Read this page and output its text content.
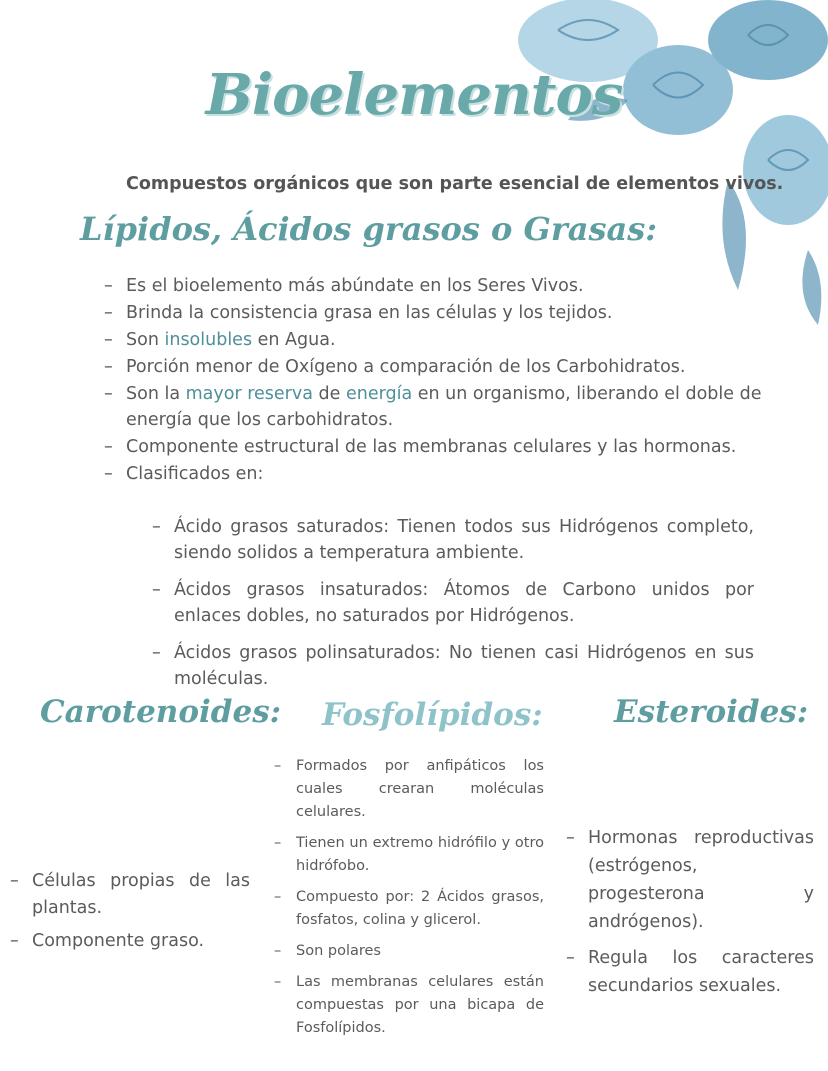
Bioelementos
Compuestos orgánicos que son parte esencial de elementos vivos.
Lípidos, Ácidos grasos o Grasas:
– Es el bioelemento más abúndate en los Seres Vivos.
– Brinda la consistencia grasa en las células y los tejidos.
– Son insolubles en Agua.
– Porción menor de Oxígeno a comparación de los Carbohidratos.
– Son la mayor reserva de energía en un organismo, liberando el doble de energía que los carbohidratos.
– Componente estructural de las membranas celulares y las hormonas.
– Clasificados en:
– Ácido grasos saturados: Tienen todos sus Hidrógenos completo, siendo solidos a temperatura ambiente.
– Ácidos grasos insaturados: Átomos de Carbono unidos por enlaces dobles, no saturados por Hidrógenos.
– Ácidos grasos polinsaturados: No tienen casi Hidrógenos en sus moléculas.
Carotenoides: Fosfolípidos: Esteroides:
– Células propias de las plantas.
– Componente graso.
– Formados por anfipáticos los cuales crearan moléculas celulares.
– Tienen un extremo hidrófilo y otro hidrófobo.
– Compuesto por: 2 Ácidos grasos, fosfatos, colina y glicerol.
– Son polares
– Las membranas celulares están compuestas por una bicapa de Fosfolípidos.
– Hormonas reproductivas (estrógenos, progesterona y andrógenos).
– Regula los caracteres secundarios sexuales.
